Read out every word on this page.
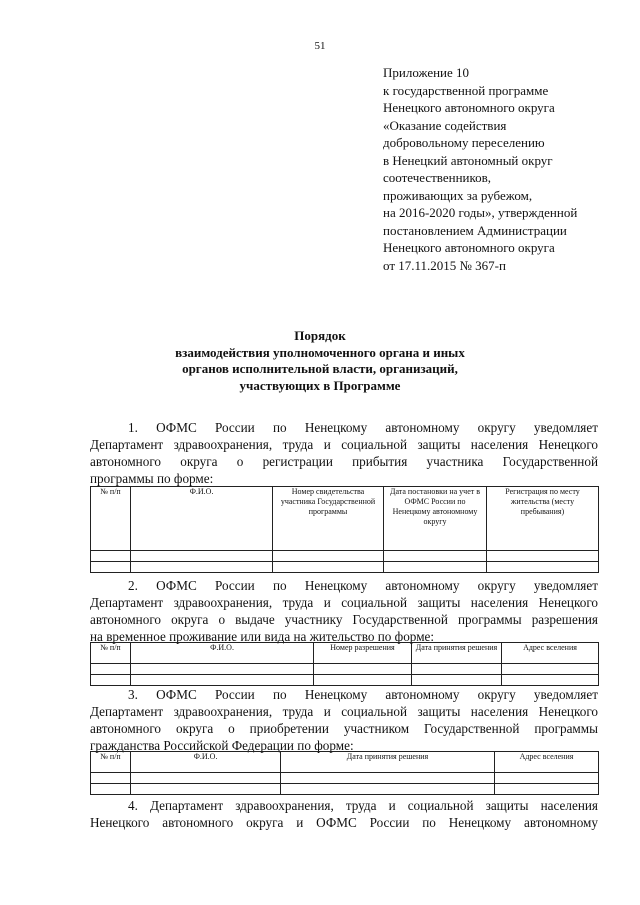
51
Приложение 10
к государственной программе
Ненецкого автономного округа
«Оказание содействия
добровольному переселению
в Ненецкий автономный округ
соотечественников,
проживающих за рубежом,
на 2016-2020 годы», утвержденной
постановлением Администрации
Ненецкого автономного округа
от 17.11.2015 № 367-п
Порядок
взаимодействия уполномоченного органа и иных
органов исполнительной власти, организаций,
участвующих в Программе
1. ОФМС России по Ненецкому автономному округу уведомляет
Департамент здравоохранения, труда и социальной защиты населения Ненецкого
автономного округа о регистрации прибытия участника Государственной
программы по форме:
№ п/п	Ф.И.О.	Номер свидетельства участника Государственной программы	Дата постановки на учет в ОФМС России по Ненецкому автономному округу	Регистрация по месту жительства (месту пребывания)

2. ОФМС России по Ненецкому автономному округу уведомляет
Департамент здравоохранения, труда и социальной защиты населения Ненецкого
автономного округа о выдаче участнику Государственной программы разрешения
на временное проживание или вида на жительство по форме:
№ п/п	Ф.И.О.	Номер разрешения	Дата принятия решения	Адрес вселения

3. ОФМС России по Ненецкому автономному округу уведомляет
Департамент здравоохранения, труда и социальной защиты населения Ненецкого
автономного округа о приобретении участником Государственной программы
гражданства Российской Федерации по форме:
№ п/п	Ф.И.О.	Дата принятия решения	Адрес вселения

4. Департамент здравоохранения, труда и социальной защиты населения
Ненецкого автономного округа и ОФМС России по Ненецкому автономному
